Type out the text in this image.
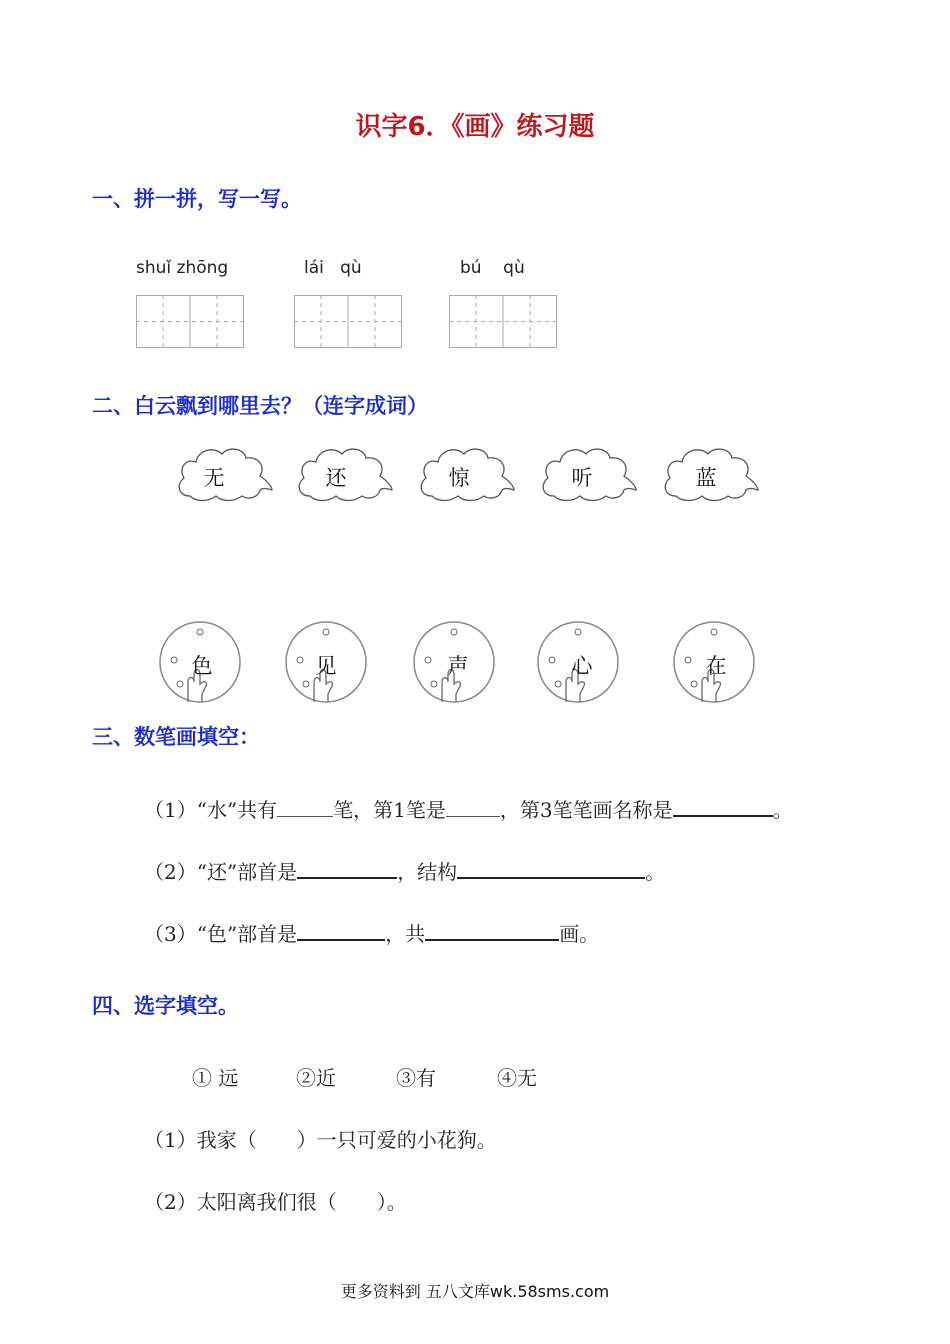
识字6．《画》练习题
一、拼一拼，写一写。
shuǐ zhōng	lái   qù	bú    qù
二、白云飘到哪里去？（连字成词）
无	还	惊	听	蓝
色	见	声	心	在
三、数笔画填空：
（1）“水”共有	笔，第1笔是	，第3笔笔画名称是	。
（2）“还”部首是	，结构	。
（3）“色”部首是	，共	画。
四、选字填空。
① 远	②近	③有	④无
（1）我家（　　）一只可爱的小花狗。
（2）太阳离我们很（　　）。
更多资料到 五八文库wk.58sms.com
